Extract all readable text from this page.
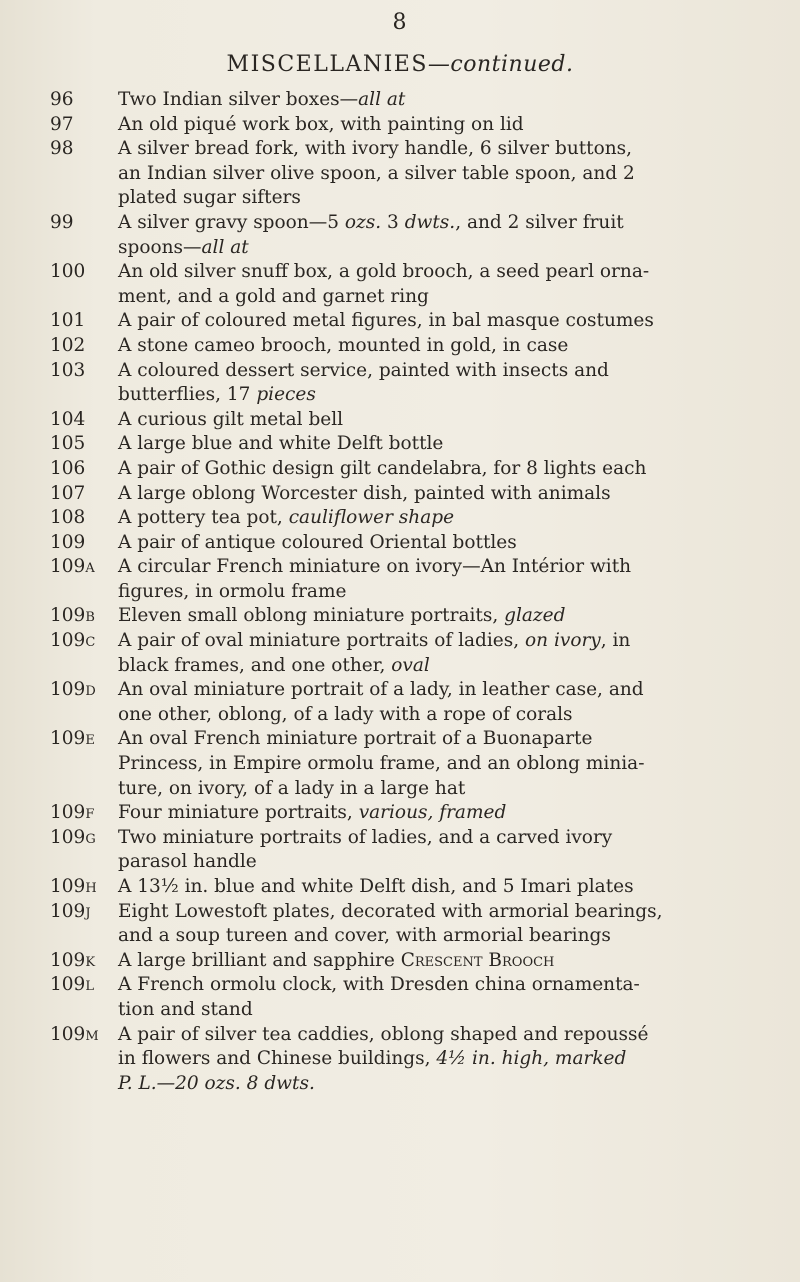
8
MISCELLANIES—continued.
96	Two Indian silver boxes—all at
97	An old piqué work box, with painting on lid
98	A silver bread fork, with ivory handle, 6 silver buttons,
an Indian silver olive spoon, a silver table spoon, and 2
plated sugar sifters
99	A silver gravy spoon—5 ozs. 3 dwts., and 2 silver fruit
spoons—all at
100	An old silver snuff box, a gold brooch, a seed pearl orna-
ment, and a gold and garnet ring
101	A pair of coloured metal figures, in bal masque costumes
102	A stone cameo brooch, mounted in gold, in case
103	A coloured dessert service, painted with insects and
butterflies, 17 pieces
104	A curious gilt metal bell
105	A large blue and white Delft bottle
106	A pair of Gothic design gilt candelabra, for 8 lights each
107	A large oblong Worcester dish, painted with animals
108	A pottery tea pot, cauliflower shape
109	A pair of antique coloured Oriental bottles
109a	A circular French miniature on ivory—An Intérior with
figures, in ormolu frame
109b	Eleven small oblong miniature portraits, glazed
109c	A pair of oval miniature portraits of ladies, on ivory, in
black frames, and one other, oval
109d	An oval miniature portrait of a lady, in leather case, and
one other, oblong, of a lady with a rope of corals
109e	An oval French miniature portrait of a Buonaparte
Princess, in Empire ormolu frame, and an oblong minia-
ture, on ivory, of a lady in a large hat
109f	Four miniature portraits, various, framed
109g	Two miniature portraits of ladies, and a carved ivory
parasol handle
109h	A 13½ in. blue and white Delft dish, and 5 Imari plates
109j	Eight Lowestoft plates, decorated with armorial bearings,
and a soup tureen and cover, with armorial bearings
109k	A large brilliant and sapphire Crescent Brooch
109l	A French ormolu clock, with Dresden china ornamenta-
tion and stand
109m	A pair of silver tea caddies, oblong shaped and repoussé
in flowers and Chinese buildings, 4½ in. high, marked
P. L.—20 ozs. 8 dwts.
